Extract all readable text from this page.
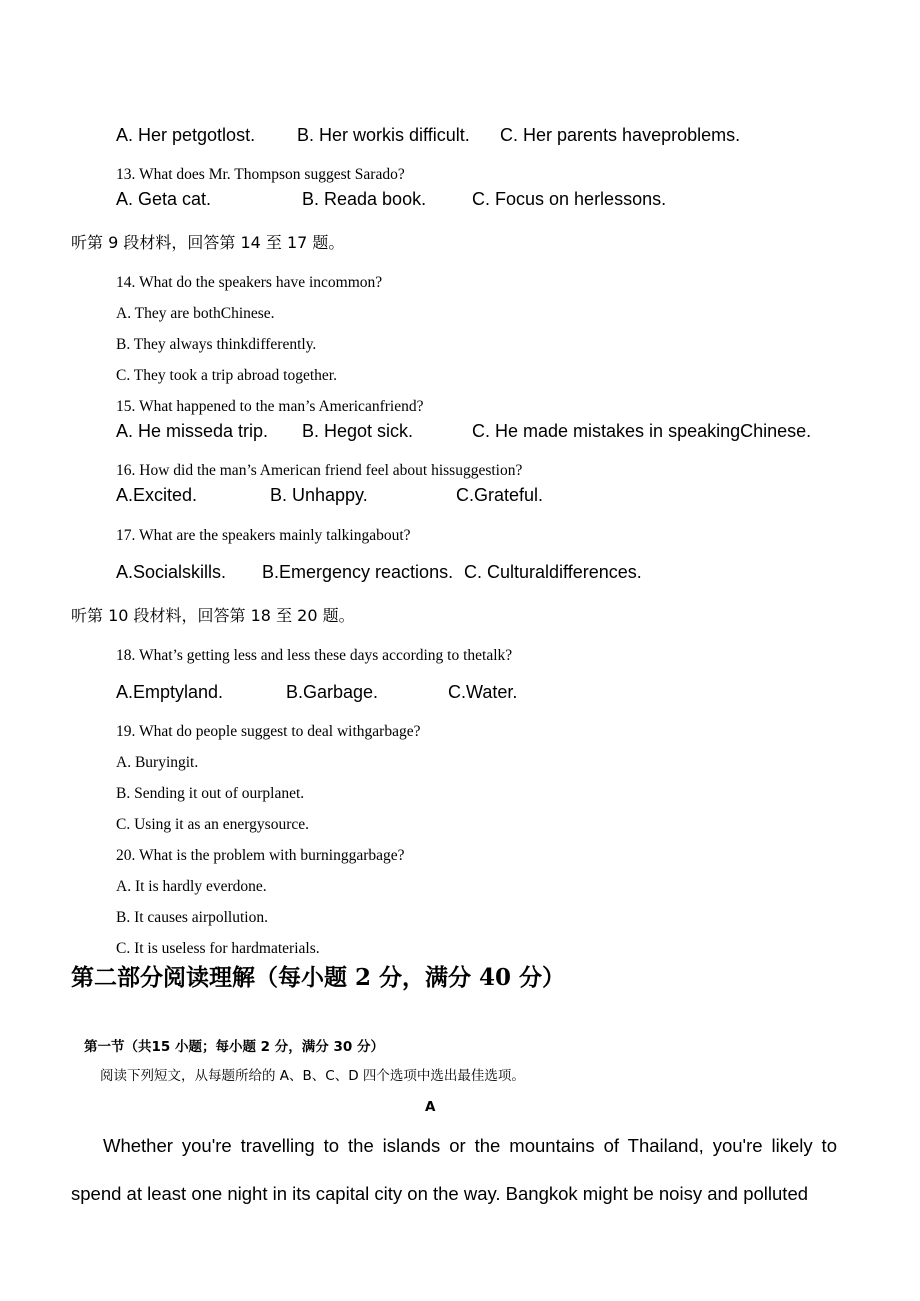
A. Her petgotlost. B. Her workis difficult. C. Her parents haveproblems.
13. What does Mr. Thompson suggest Sarado?
A. Geta cat.	B. Reada book.	C. Focus on herlessons.
听第 9 段材料，回答第 14 至 17 题。
14. What do the speakers have incommon?
A. They are bothChinese.
B. They always thinkdifferently.
C. They took a trip abroad together.
15. What happened to the man’s Americanfriend?
A. He misseda trip. B. Hegot sick.	C. He made mistakes in speakingChinese.
16. How did the man’s American friend feel about hissuggestion?
A.Excited.	B. Unhappy.	C.Grateful.
17. What are the speakers mainly talkingabout?
A.Socialskills. B.Emergency reactions. C. Culturaldifferences.
听第 10 段材料，回答第 18 至 20 题。
18. What’s getting less and less these days according to thetalk?
A.Emptyland.	B.Garbage.	C.Water.
19. What do people suggest to deal withgarbage?
A. Buryingit.
B. Sending it out of ourplanet.
C. Using it as an energysource.
20. What is the problem with burninggarbage?
A. It is hardly everdone.
B. It causes airpollution.
C. It is useless for hardmaterials.
第二部分阅读理解（每小题 2 分，满分 40 分）
第一节（共15 小题；每小题 2 分，满分 30 分）
阅读下列短文，从每题所给的 A、B、C、D 四个选项中选出最佳选项。
A
Whether you're travelling to the islands or the mountains of Thailand, you're likely to spend at least one night in its capital city on the way. Bangkok might be noisy and polluted
